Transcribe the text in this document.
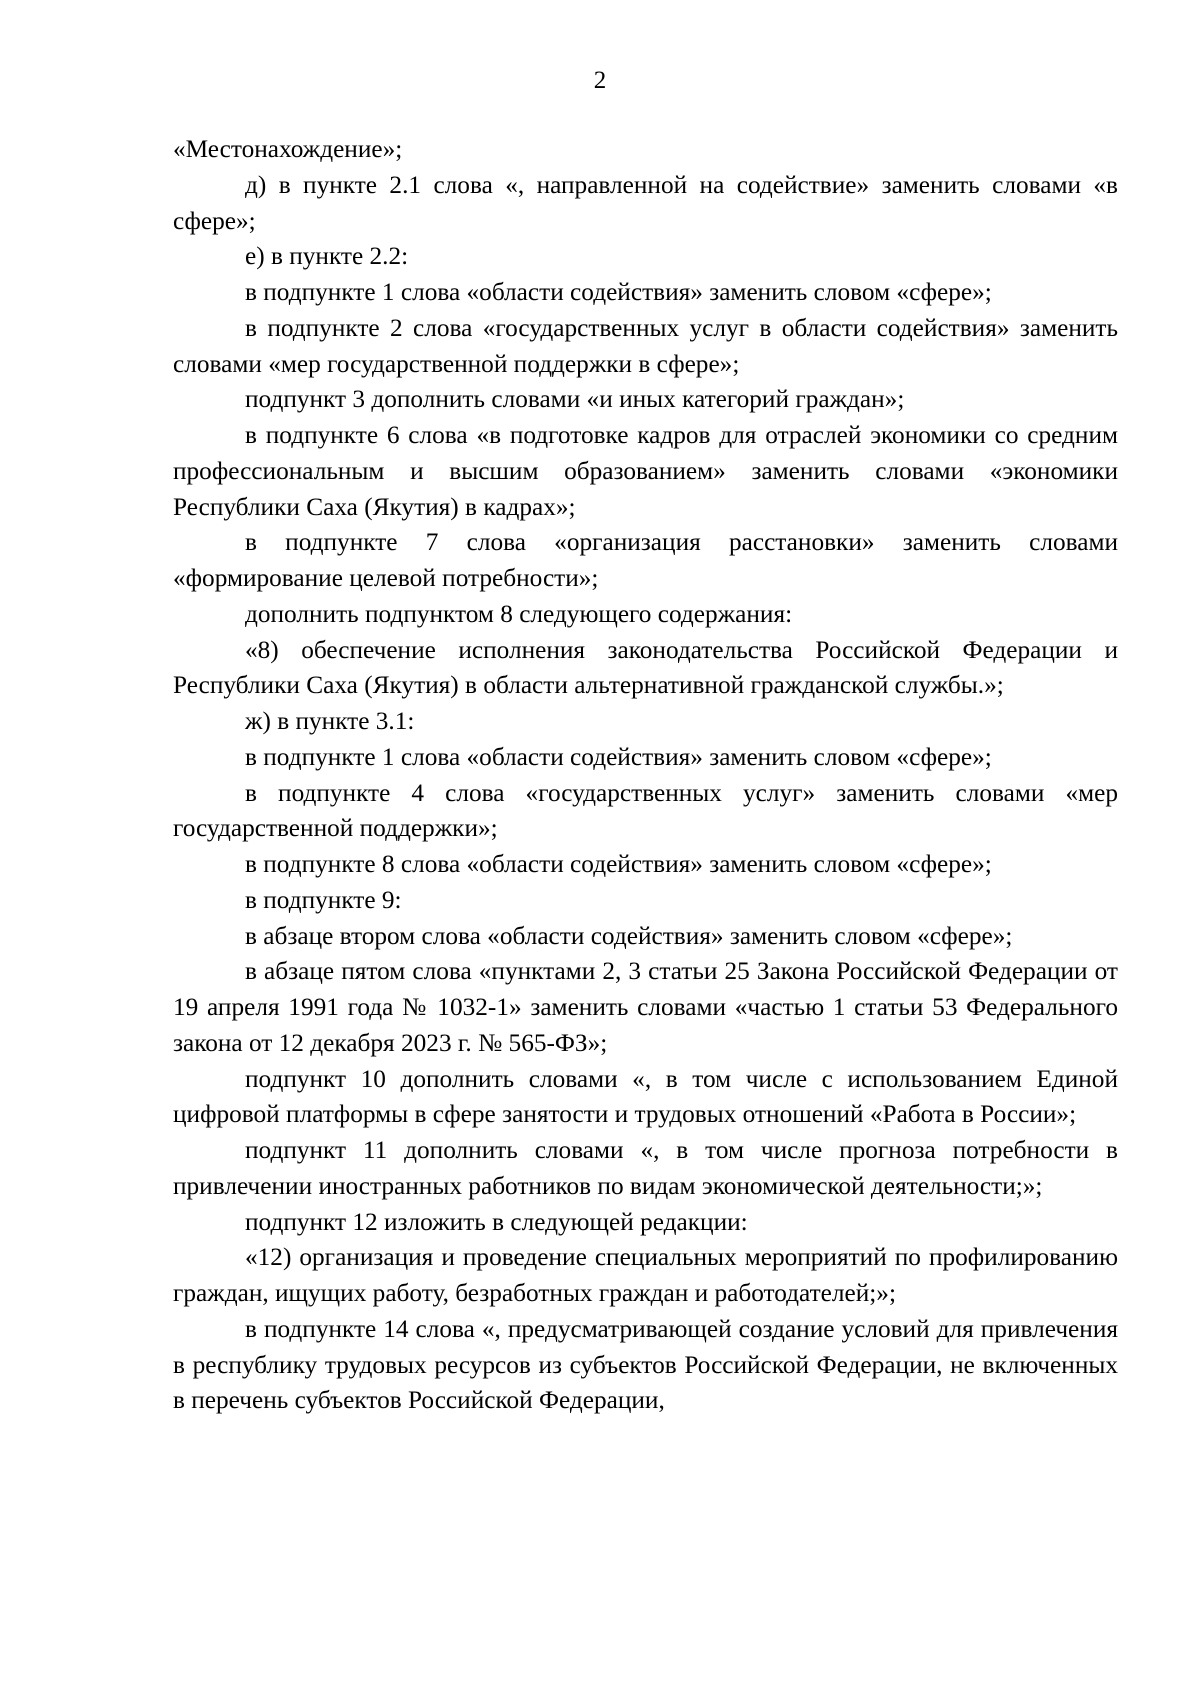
2

«Местонахождение»;

д) в пункте 2.1 слова «, направленной на содействие» заменить словами «в сфере»;

е) в пункте 2.2:

в подпункте 1 слова «области содействия» заменить словом «сфере»;

в подпункте 2 слова «государственных услуг в области содействия» заменить словами «мер государственной поддержки в сфере»;

подпункт 3 дополнить словами «и иных категорий граждан»;

в подпункте 6 слова «в подготовке кадров для отраслей экономики со средним профессиональным и высшим образованием» заменить словами «экономики Республики Саха (Якутия) в кадрах»;

в подпункте 7 слова «организация расстановки» заменить словами «формирование целевой потребности»;

дополнить подпунктом 8 следующего содержания:

«8) обеспечение исполнения законодательства Российской Федерации и Республики Саха (Якутия) в области альтернативной гражданской службы.»;

ж) в пункте 3.1:

в подпункте 1 слова «области содействия» заменить словом «сфере»;

в подпункте 4 слова «государственных услуг» заменить словами «мер государственной поддержки»;

в подпункте 8 слова «области содействия» заменить словом «сфере»;

в подпункте 9:

в абзаце втором слова «области содействия» заменить словом «сфере»;

в абзаце пятом слова «пунктами 2, 3 статьи 25 Закона Российской Федерации от 19 апреля 1991 года № 1032-1» заменить словами «частью 1 статьи 53 Федерального закона от 12 декабря 2023 г. № 565-ФЗ»;

подпункт 10 дополнить словами «, в том числе с использованием Единой цифровой платформы в сфере занятости и трудовых отношений «Работа в России»;

подпункт 11 дополнить словами «, в том числе прогноза потребности в привлечении иностранных работников по видам экономической деятельности;»;

подпункт 12 изложить в следующей редакции:

«12) организация и проведение специальных мероприятий по профилированию граждан, ищущих работу, безработных граждан и работодателей;»;

в подпункте 14 слова «, предусматривающей создание условий для привлечения в республику трудовых ресурсов из субъектов Российской Федерации, не включенных в перечень субъектов Российской Федерации,
